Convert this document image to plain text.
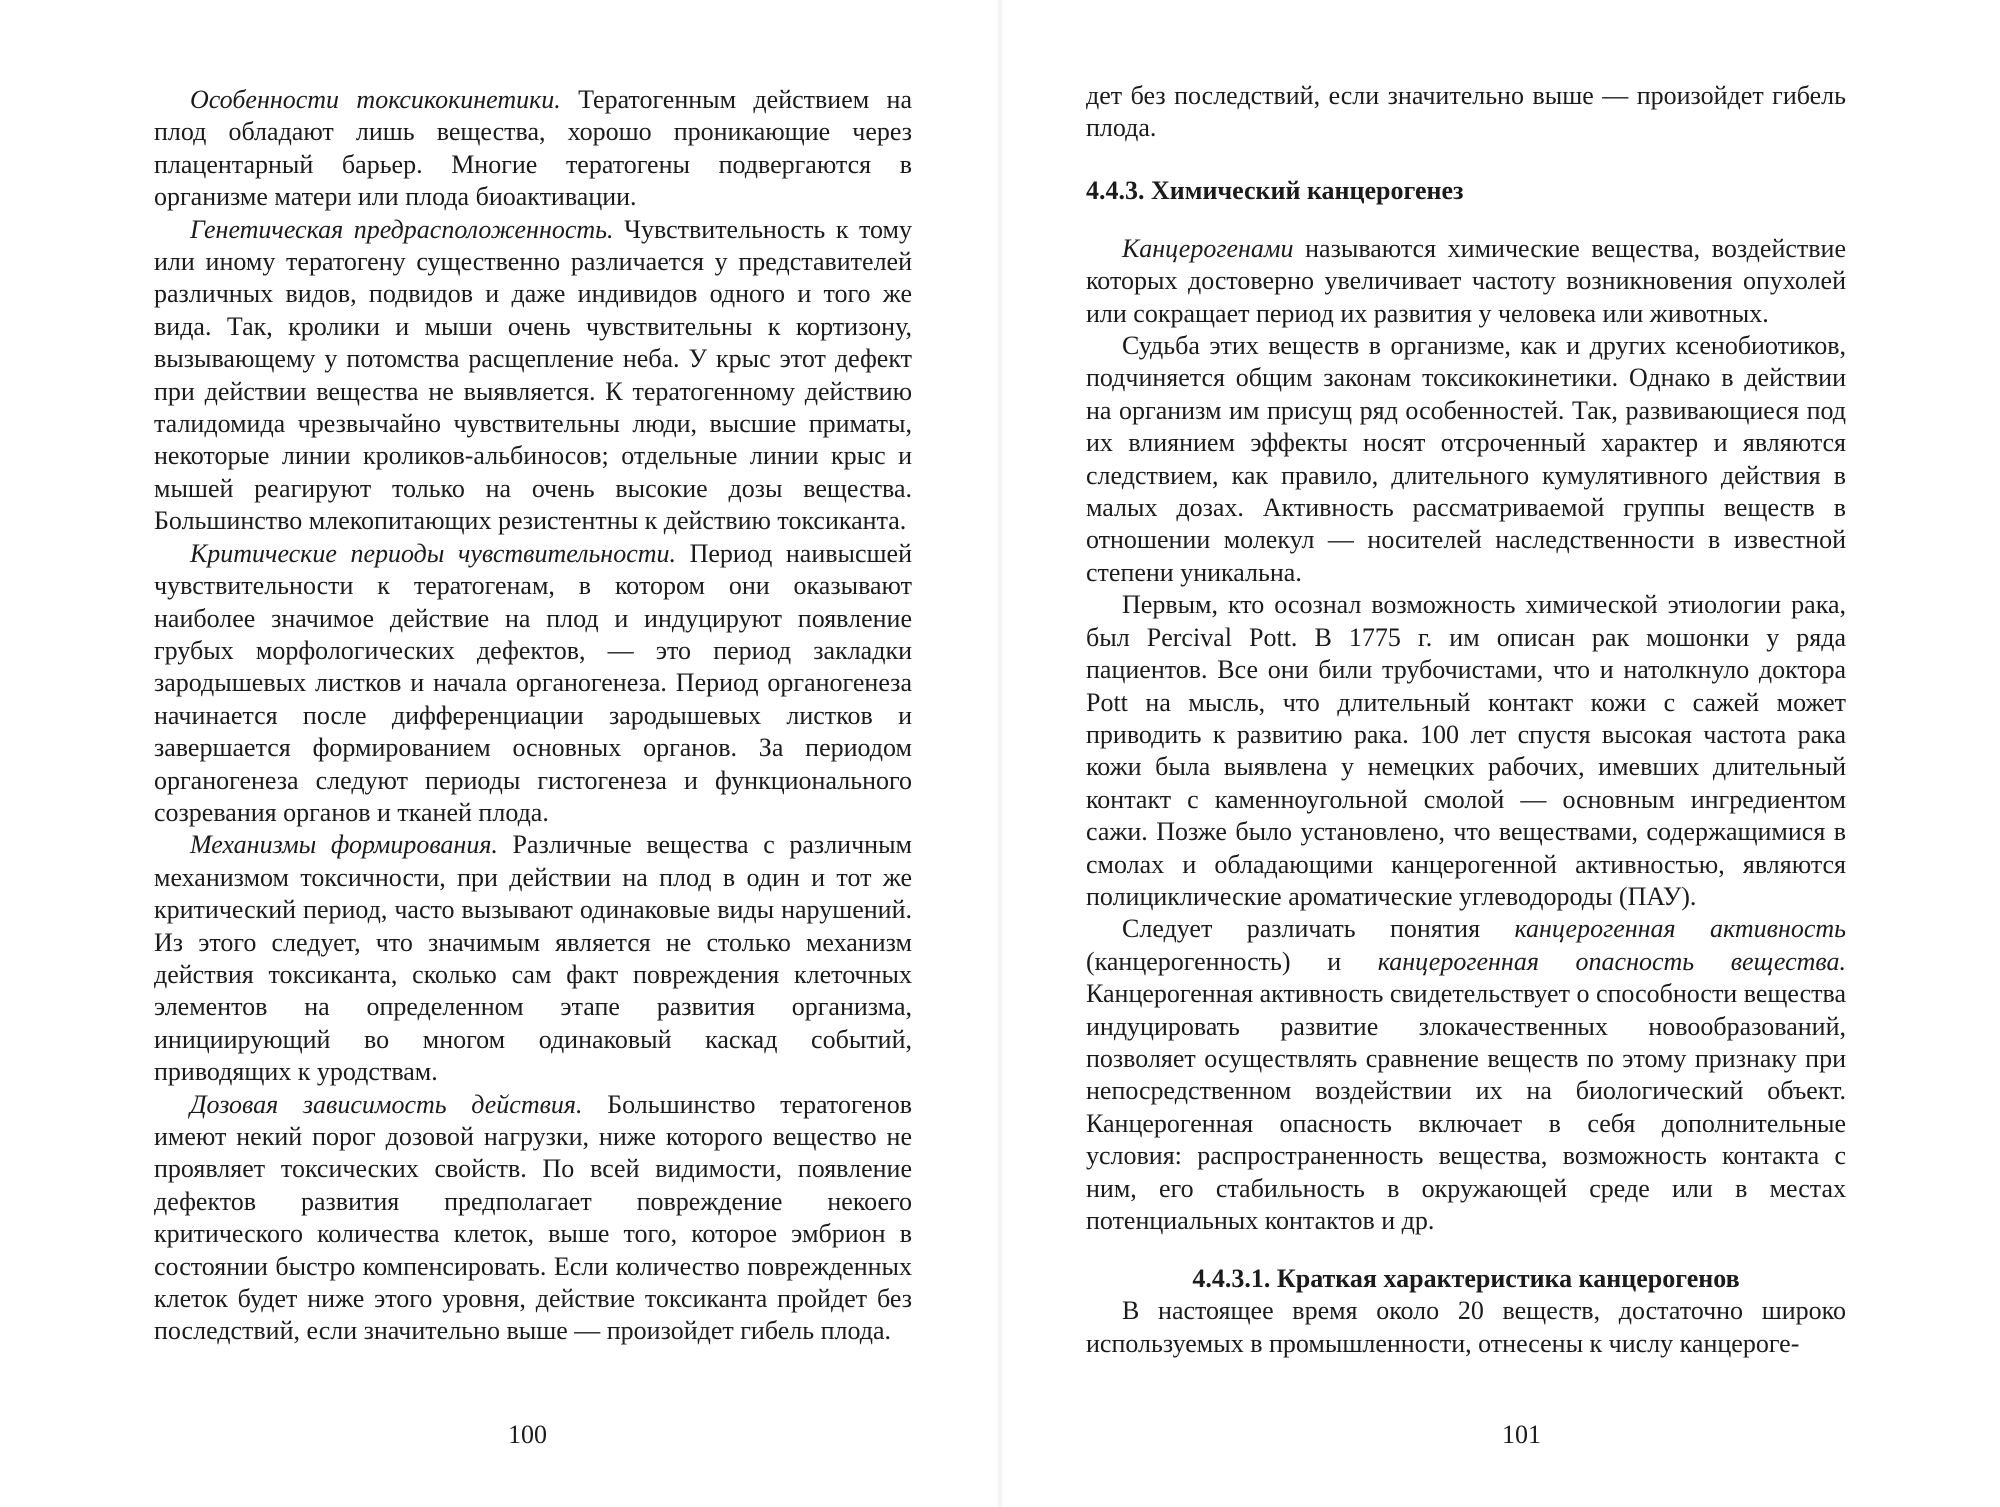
Особенности токсикокинетики. Тератогенным действием на плод обладают лишь вещества, хорошо проникающие через плацентарный барьер. Многие тератогены подвергаются в организме матери или плода биоактивации.

Генетическая предрасположенность. Чувствительность к тому или иному тератогену существенно различается у представителей различных видов, подвидов и даже индивидов одного и того же вида. Так, кролики и мыши очень чувствительны к кортизону, вызывающему у потомства расщепление неба. У крыс этот дефект при действии вещества не выявляется. К тератогенному действию талидомида чрезвычайно чувствительны люди, высшие приматы, некоторые линии кроликов-альбиносов; отдельные линии крыс и мышей реагируют только на очень высокие дозы вещества. Большинство млекопитающих резистентны к действию токсиканта.

Критические периоды чувствительности. Период наивысшей чувствительности к тератогенам, в котором они оказывают наиболее значимое действие на плод и индуцируют появление грубых морфологических дефектов, — это период закладки зародышевых листков и начала органогенеза. Период органогенеза начинается после дифференциации зародышевых листков и завершается формированием основных органов. За периодом органогенеза следуют периоды гистогенеза и функционального созревания органов и тканей плода.

Механизмы формирования. Различные вещества с различным механизмом токсичности, при действии на плод в один и тот же критический период, часто вызывают одинаковые виды нарушений. Из этого следует, что значимым является не столько механизм действия токсиканта, сколько сам факт повреждения клеточных элементов на определенном этапе развития организма, инициирующий во многом одинаковый каскад событий, приводящих к уродствам.

Дозовая зависимость действия. Большинство тератогенов имеют некий порог дозовой нагрузки, ниже которого вещество не проявляет токсических свойств. По всей видимости, появление дефектов развития предполагает повреждение некоего критического количества клеток, выше того, которое эмбрион в состоянии быстро компенсировать. Если количество поврежденных клеток будет ниже этого уровня, действие токсиканта пройдет без последствий, если значительно выше — произойдет гибель плода.

100

дет без последствий, если значительно выше — произойдет гибель плода.

4.4.3. Химический канцерогенез

Канцерогенами называются химические вещества, воздействие которых достоверно увеличивает частоту возникновения опухолей или сокращает период их развития у человека или животных.

Судьба этих веществ в организме, как и других ксенобиотиков, подчиняется общим законам токсикокинетики. Однако в действии на организм им присущ ряд особенностей. Так, развивающиеся под их влиянием эффекты носят отсроченный характер и являются следствием, как правило, длительного кумулятивного действия в малых дозах. Активность рассматриваемой группы веществ в отношении молекул — носителей наследственности в известной степени уникальна.

Первым, кто осознал возможность химической этиологии рака, был Percival Pott. В 1775 г. им описан рак мошонки у ряда пациентов. Все они били трубочистами, что и натолкнуло доктора Pott на мысль, что длительный контакт кожи с сажей может приводить к развитию рака. 100 лет спустя высокая частота рака кожи была выявлена у немецких рабочих, имевших длительный контакт с каменноугольной смолой — основным ингредиентом сажи. Позже было установлено, что веществами, содержащимися в смолах и обладающими канцерогенной активностью, являются полициклические ароматические углеводороды (ПАУ).

Следует различать понятия канцерогенная активность (канцерогенность) и канцерогенная опасность вещества. Канцерогенная активность свидетельствует о способности вещества индуцировать развитие злокачественных новообразований, позволяет осуществлять сравнение веществ по этому признаку при непосредственном воздействии их на биологический объект. Канцерогенная опасность включает в себя дополнительные условия: распространенность вещества, возможность контакта с ним, его стабильность в окружающей среде или в местах потенциальных контактов и др.

4.4.3.1. Краткая характеристика канцерогенов

В настоящее время около 20 веществ, достаточно широко используемых в промышленности, отнесены к числу канцероге-

101
